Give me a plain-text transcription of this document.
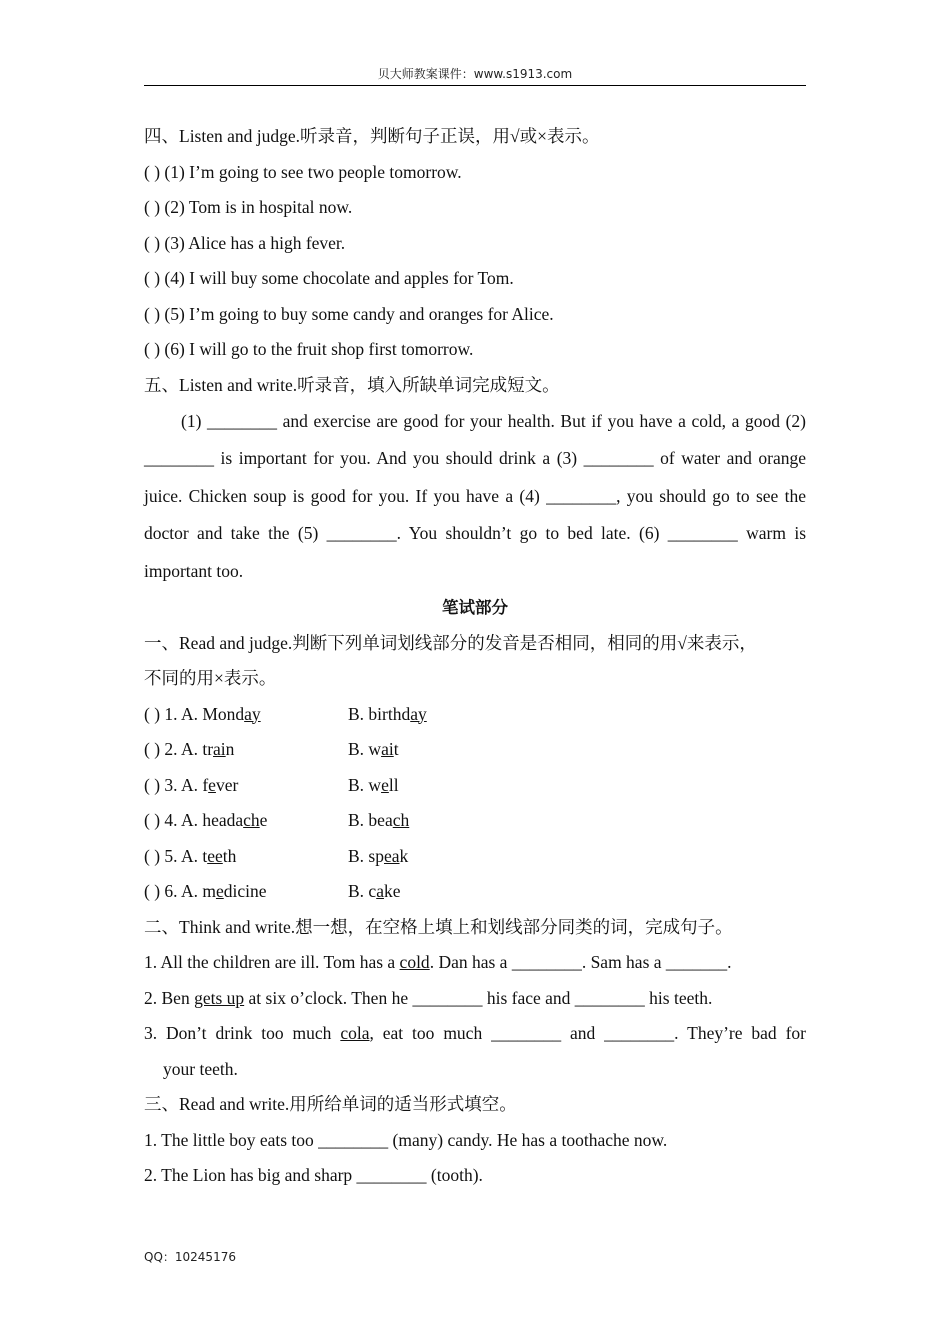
贝大师教案课件：www.s1913.com
四、Listen and judge.听录音，判断句子正误，用√或×表示。
( ) (1) I’m going to see two people tomorrow.
( ) (2) Tom is in hospital now.
( ) (3) Alice has a high fever.
( ) (4) I will buy some chocolate and apples for Tom.
( ) (5) I’m going to buy some candy and oranges for Alice.
( ) (6) I will go to the fruit shop first tomorrow.
五、Listen and write.听录音，填入所缺单词完成短文。
(1) ________ and exercise are good for your health. But if you have a cold, a good (2) ________ is important for you. And you should drink a (3) ________ of water and orange juice. Chicken soup is good for you. If you have a (4) ________, you should go to see the doctor and take the (5) ________. You shouldn’t go to bed late. (6) ________ warm is important too.
笔试部分
一、Read and judge.判断下列单词划线部分的发音是否相同，相同的用√来表示，
不同的用×表示。
( ) 1. A. Monday	B. birthday
( ) 2. A. train	B. wait
( ) 3. A. fever	B. well
( ) 4. A. headache	B. beach
( ) 5. A. teeth	B. speak
( ) 6. A. medicine	B. cake
二、Think and write.想一想，在空格上填上和划线部分同类的词，完成句子。
1. All the children are ill. Tom has a cold. Dan has a ________. Sam has a _______.
2. Ben gets up at six o’clock. Then he ________ his face and ________ his teeth.
3. Don’t drink too much cola, eat too much ________ and ________. They’re bad for
your teeth.
三、Read and write.用所给单词的适当形式填空。
1. The little boy eats too ________ (many) candy. He has a toothache now.
2. The Lion has big and sharp ________ (tooth).
QQ：10245176
